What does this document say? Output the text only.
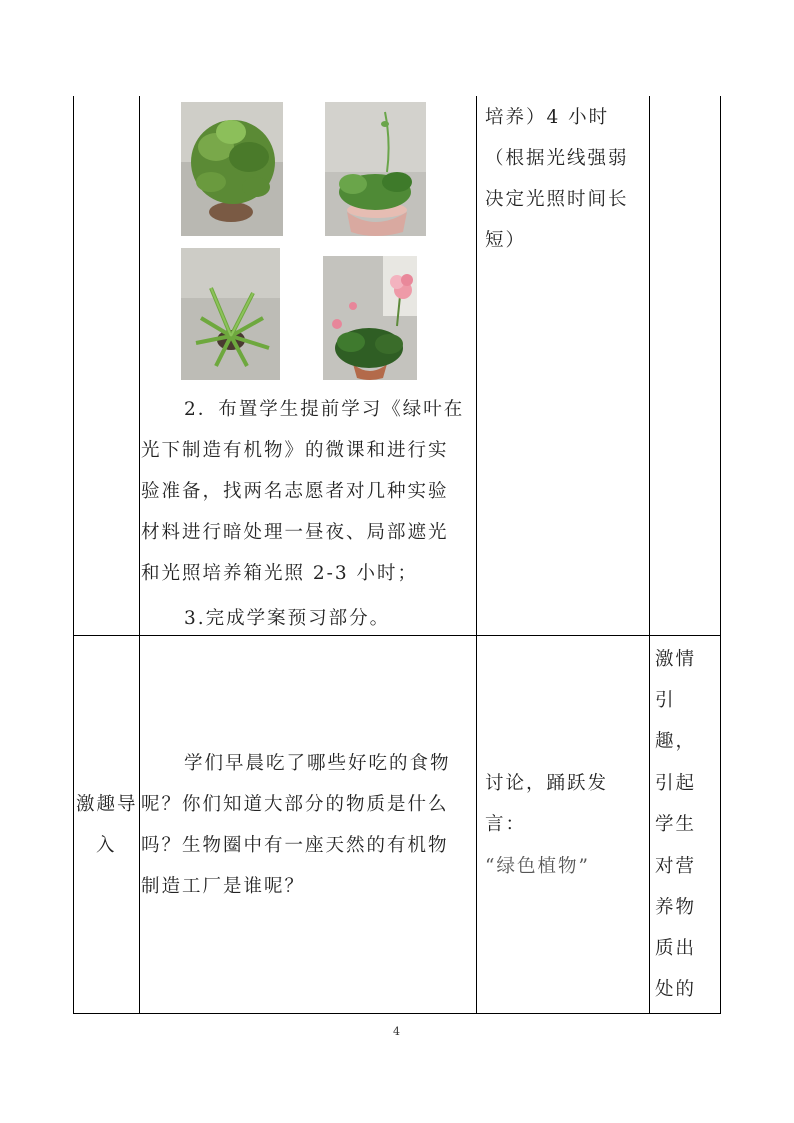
2．布置学生提前学习《绿叶在
光下制造有机物》的微课和进行实
验准备，找两名志愿者对几种实验
材料进行暗处理一昼夜、局部遮光
和光照培养箱光照 2-3 小时；
3.完成学案预习部分。
培养）4 小时
（根据光线强弱
决定光照时间长
短）
激趣导
入
学们早晨吃了哪些好吃的食物
呢？你们知道大部分的物质是什么
吗？生物圈中有一座天然的有机物
制造工厂是谁呢？
讨论，踊跃发
言：
“绿色植物”
激情
引
趣，
引起
学生
对营
养物
质出
处的
4
